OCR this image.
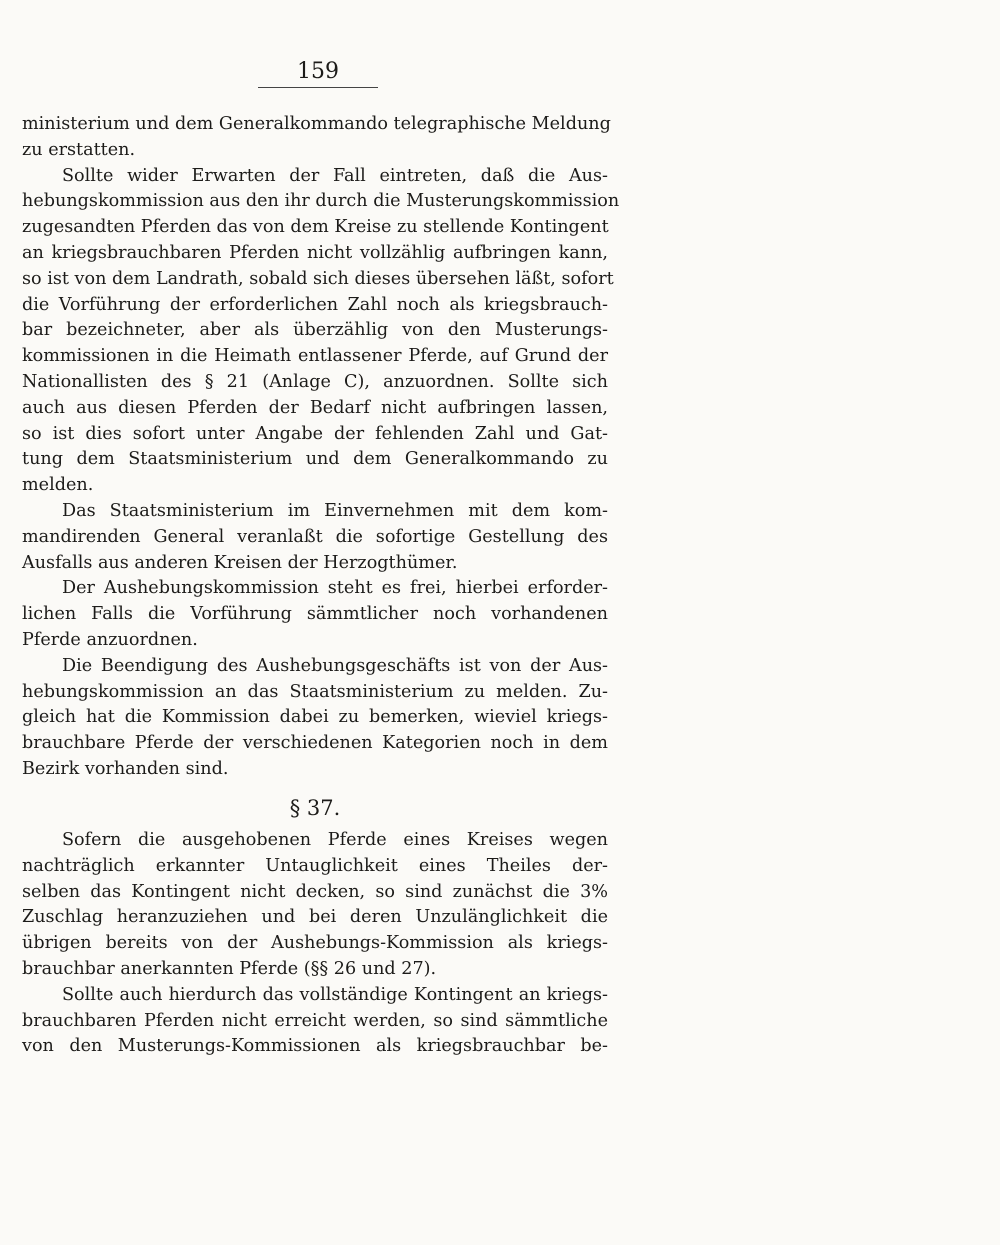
159
ministerium und dem Generalkommando telegraphische Meldung
zu erstatten.
Sollte wider Erwarten der Fall eintreten, daß die Aus-
hebungskommission aus den ihr durch die Musterungskommission
zugesandten Pferden das von dem Kreise zu stellende Kontingent
an kriegsbrauchbaren Pferden nicht vollzählig aufbringen kann,
so ist von dem Landrath, sobald sich dieses übersehen läßt, sofort
die Vorführung der erforderlichen Zahl noch als kriegsbrauch-
bar bezeichneter, aber als überzählig von den Musterungs-
kommissionen in die Heimath entlassener Pferde, auf Grund der
Nationallisten des § 21 (Anlage C), anzuordnen. Sollte sich
auch aus diesen Pferden der Bedarf nicht aufbringen lassen,
so ist dies sofort unter Angabe der fehlenden Zahl und Gat-
tung dem Staatsministerium und dem Generalkommando zu
melden.
Das Staatsministerium im Einvernehmen mit dem kom-
mandirenden General veranlaßt die sofortige Gestellung des
Ausfalls aus anderen Kreisen der Herzogthümer.
Der Aushebungskommission steht es frei, hierbei erforder-
lichen Falls die Vorführung sämmtlicher noch vorhandenen
Pferde anzuordnen.
Die Beendigung des Aushebungsgeschäfts ist von der Aus-
hebungskommission an das Staatsministerium zu melden. Zu-
gleich hat die Kommission dabei zu bemerken, wieviel kriegs-
brauchbare Pferde der verschiedenen Kategorien noch in dem
Bezirk vorhanden sind.
§ 37.
Sofern die ausgehobenen Pferde eines Kreises wegen
nachträglich erkannter Untauglichkeit eines Theiles der-
selben das Kontingent nicht decken, so sind zunächst die 3%
Zuschlag heranzuziehen und bei deren Unzulänglichkeit die
übrigen bereits von der Aushebungs-Kommission als kriegs-
brauchbar anerkannten Pferde (§§ 26 und 27).
Sollte auch hierdurch das vollständige Kontingent an kriegs-
brauchbaren Pferden nicht erreicht werden, so sind sämmtliche
von den Musterungs-Kommissionen als kriegsbrauchbar be-
